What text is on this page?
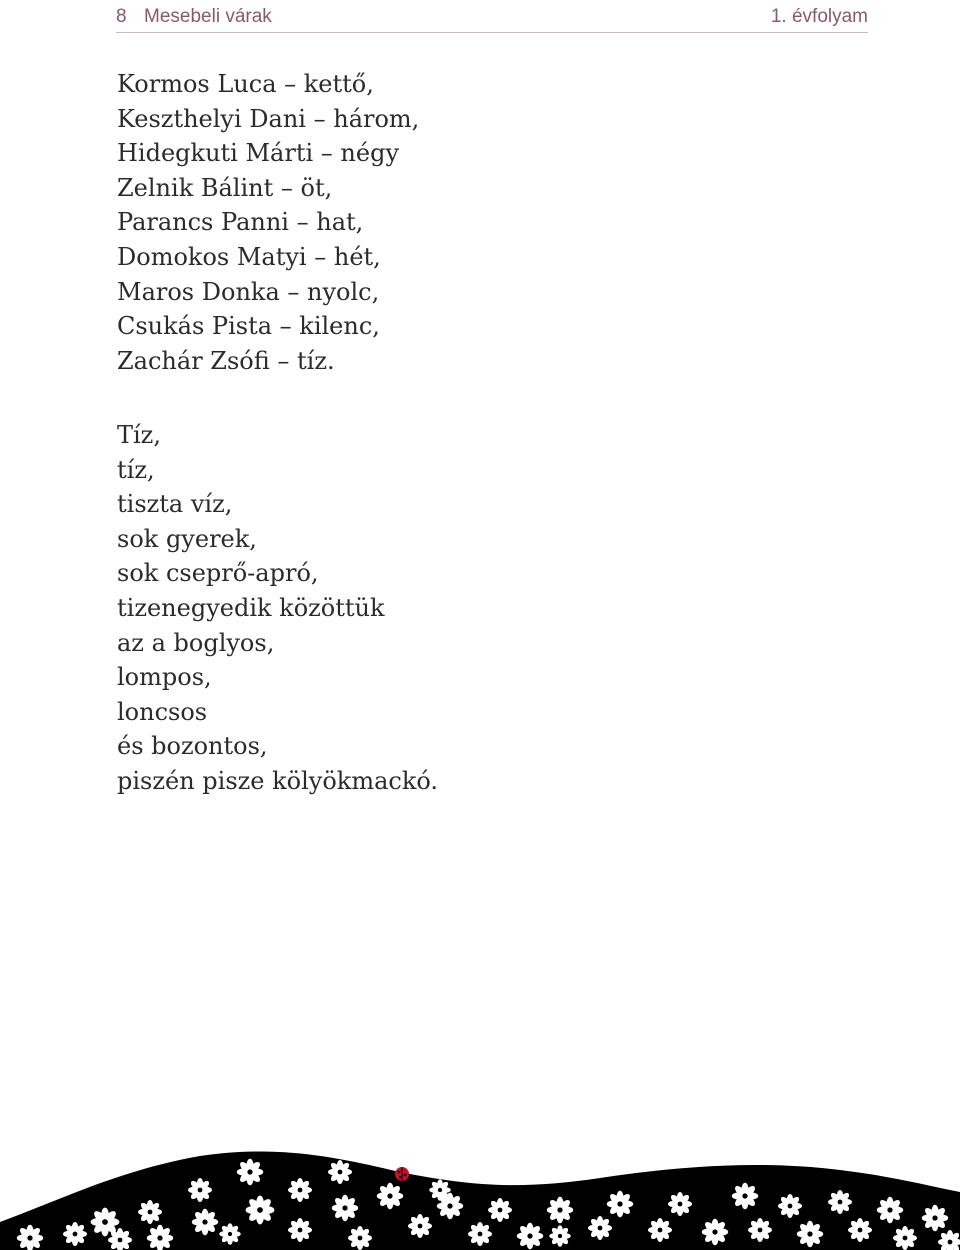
8 Mesebeli várak	1. évfolyam
Kormos Luca – kettő,
Keszthelyi Dani – három,
Hidegkuti Márti – négy
Zelnik Bálint – öt,
Parancs Panni – hat,
Domokos Matyi – hét,
Maros Donka – nyolc,
Csukás Pista – kilenc,
Zachár Zsófi – tíz.
Tíz,
tíz,
tiszta víz,
sok gyerek,
sok cseprő-apró,
tizenegyedik közöttük
az a boglyos,
lompos,
loncsos
és bozontos,
piszén pisze kölyökmackó.
